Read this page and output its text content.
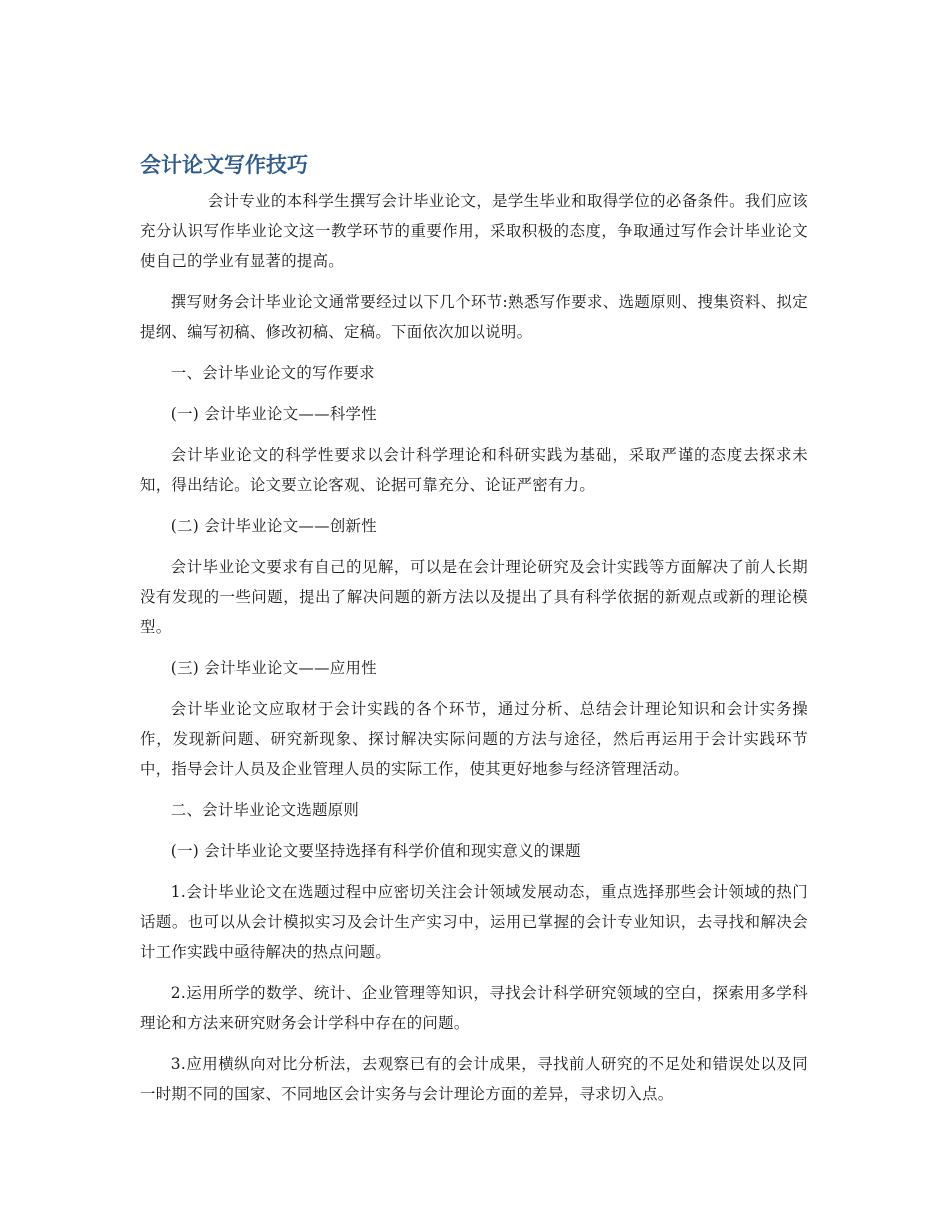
会计论文写作技巧

会计专业的本科学生撰写会计毕业论文，是学生毕业和取得学位的必备条件。我们应该充分认识写作毕业论文这一教学环节的重要作用，采取积极的态度，争取通过写作会计毕业论文使自己的学业有显著的提高。

撰写财务会计毕业论文通常要经过以下几个环节:熟悉写作要求、选题原则、搜集资料、拟定提纲、编写初稿、修改初稿、定稿。下面依次加以说明。

一、会计毕业论文的写作要求

(一) 会计毕业论文——科学性

会计毕业论文的科学性要求以会计科学理论和科研实践为基础，采取严谨的态度去探求未知，得出结论。论文要立论客观、论据可靠充分、论证严密有力。

(二) 会计毕业论文——创新性

会计毕业论文要求有自己的见解，可以是在会计理论研究及会计实践等方面解决了前人长期没有发现的一些问题，提出了解决问题的新方法以及提出了具有科学依据的新观点或新的理论模型。

(三) 会计毕业论文——应用性

会计毕业论文应取材于会计实践的各个环节，通过分析、总结会计理论知识和会计实务操作，发现新问题、研究新现象、探讨解决实际问题的方法与途径，然后再运用于会计实践环节中，指导会计人员及企业管理人员的实际工作，使其更好地参与经济管理活动。

二、会计毕业论文选题原则

(一) 会计毕业论文要坚持选择有科学价值和现实意义的课题

1.会计毕业论文在选题过程中应密切关注会计领域发展动态，重点选择那些会计领域的热门话题。也可以从会计模拟实习及会计生产实习中，运用已掌握的会计专业知识，去寻找和解决会计工作实践中亟待解决的热点问题。

2.运用所学的数学、统计、企业管理等知识，寻找会计科学研究领域的空白，探索用多学科理论和方法来研究财务会计学科中存在的问题。

3.应用横纵向对比分析法，去观察已有的会计成果，寻找前人研究的不足处和错误处以及同一时期不同的国家、不同地区会计实务与会计理论方面的差异，寻求切入点。
